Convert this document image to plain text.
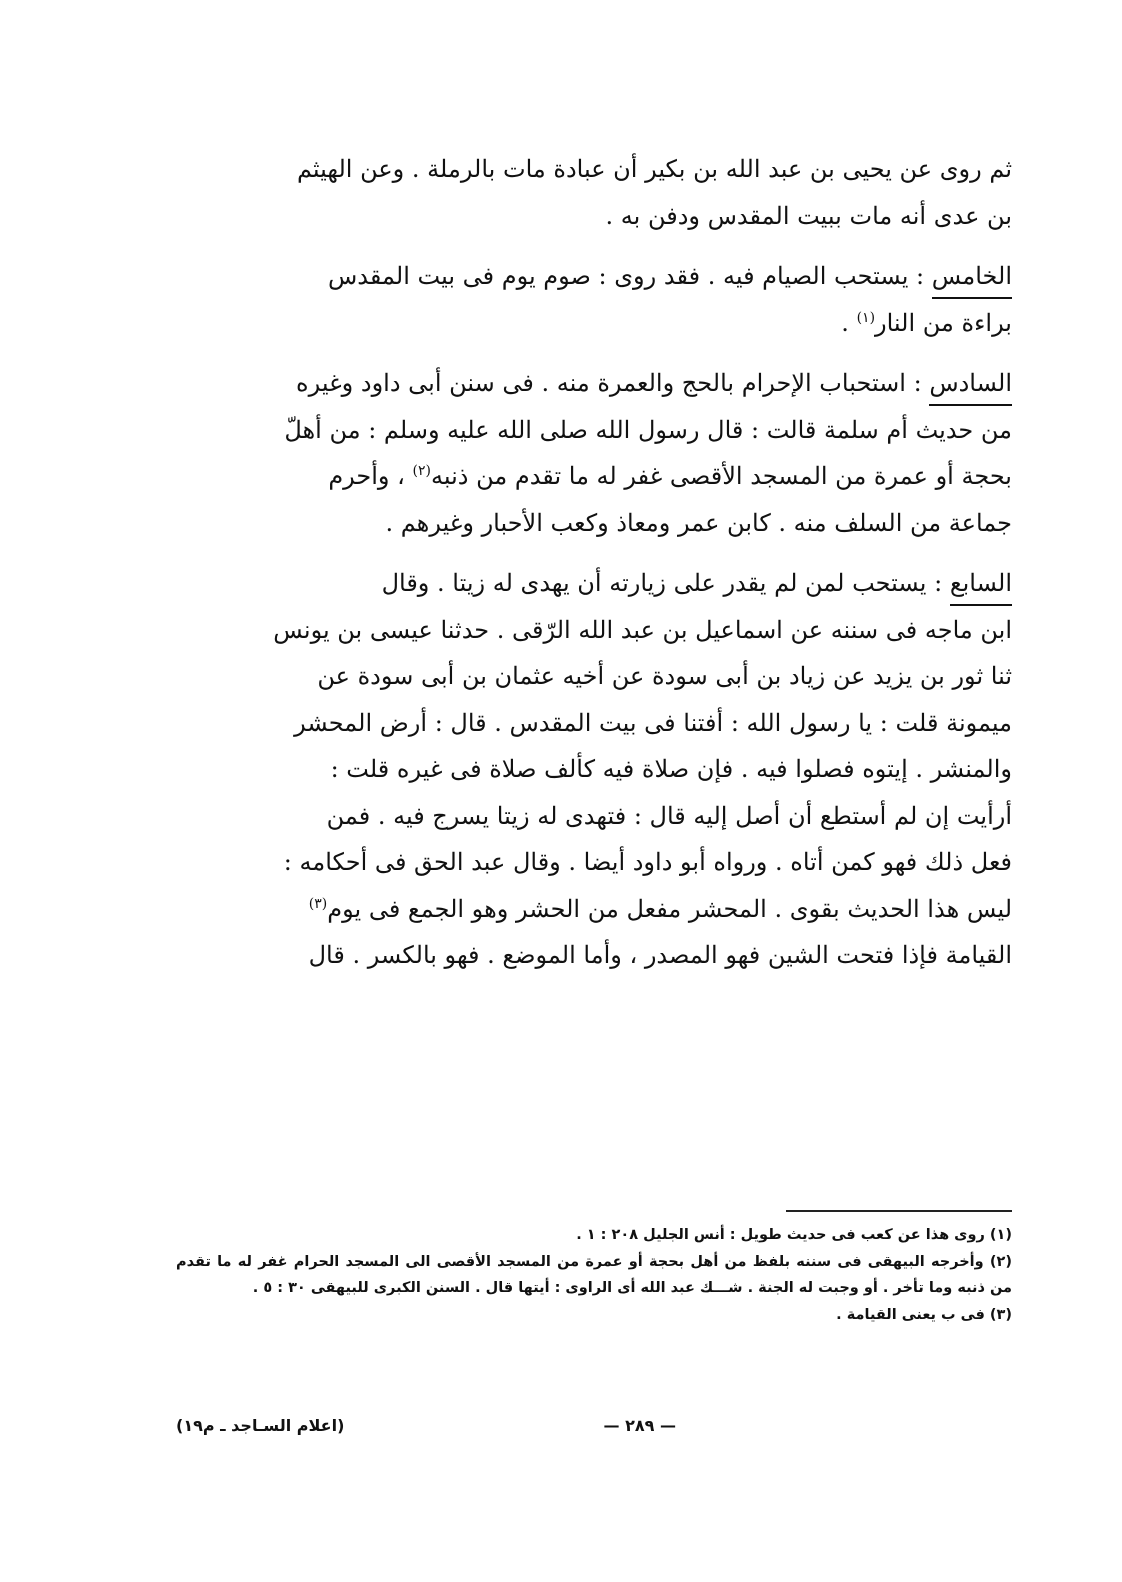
ثم روى عن يحيى بن عبد الله بن بكير أن عبادة مات بالرملة . وعن الهيثم

بن عدى أنه مات ببيت المقدس ودفن به .

الخامس : يستحب الصيام فيه . فقد روى : صوم يوم فى بيت المقدس

براءة من النار$^{(١)}$ .

السادس : استحباب الإحرام بالحج والعمرة منه . فى سنن أبى داود وغيره

من حديث أم سلمة قالت : قال رسول الله صلى الله عليه وسلم : من أهلّ

بحجة أو عمرة من المسجد الأقصى غفر له ما تقدم من ذنبه$^{(٢)}$ ، وأحرم

جماعة من السلف منه . كابن عمر ومعاذ وكعب الأحبار وغيرهم .

السابع : يستحب لمن لم يقدر على زيارته أن يهدى له زيتا . وقال

ابن ماجه فى سننه عن اسماعيل بن عبد الله الرّقى . حدثنا عيسى بن يونس

ثنا ثور بن يزيد عن زياد بن أبى سودة عن أخيه عثمان بن أبى سودة عن

ميمونة قلت : يا رسول الله : أفتنا فى بيت المقدس . قال : أرض المحشر

والمنشر . إيتوه فصلوا فيه . فإن صلاة فيه كألف صلاة فى غيره قلت :

أرأيت إن لم أستطع أن أصل إليه قال : فتهدى له زيتا يسرج فيه . فمن

فعل ذلك فهو كمن أتاه . ورواه أبو داود أيضا . وقال عبد الحق فى أحكامه :

ليس هذا الحديث بقوى . المحشر مفعل من الحشر وهو الجمع فى يوم$^{(٣)}$

القيامة فإذا فتحت الشين فهو المصدر ، وأما الموضع . فهو بالكسر . قال

(١) روى هذا عن كعب فى حديث طويل : أنس الجليل ٢٠٨ : ١ .

(٢) وأخرجه البيهقى فى سننه بلفظ من أهل بحجة أو عمرة من المسجد الأقصى الى المسجد الحرام غفر له ما تقدم من ذنبه وما تأخر . أو وجبت له الجنة . شـــك عبد الله أى الراوى : أيتها قال . السنن الكبرى للبيهقى ٣٠ : ٥ .

(٣) فى ب يعنى القيامة .

— ٢٨٩ —
(اعلام السـاجد ـ م١٩)
